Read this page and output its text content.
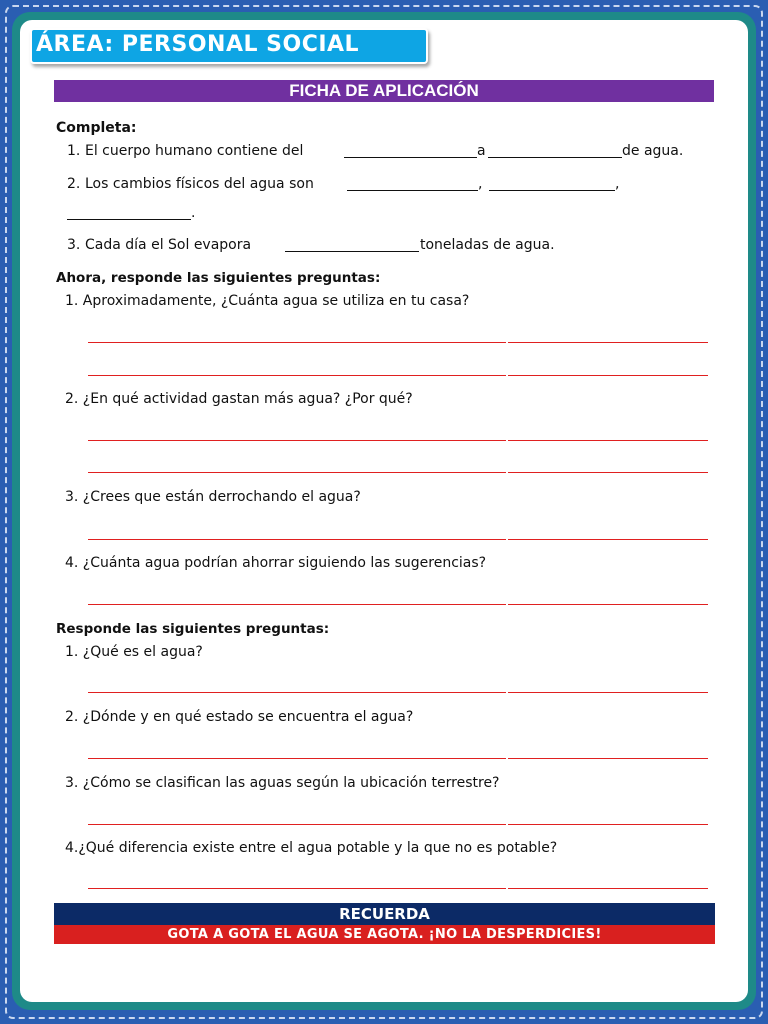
ÁREA: PERSONAL SOCIAL
FICHA DE APLICACIÓN
Completa:
1. El cuerpo humano contiene del	a	de agua.
2. Los cambios físicos del agua son	,	,
.
3. Cada día el Sol evapora	toneladas de agua.
Ahora, responde las siguientes preguntas:
1. Aproximadamente, ¿Cuánta agua se utiliza en tu casa?
2. ¿En qué actividad gastan más agua? ¿Por qué?
3. ¿Crees que están derrochando el agua?
4. ¿Cuánta agua podrían ahorrar siguiendo las sugerencias?
Responde las siguientes preguntas:
1. ¿Qué es el agua?
2. ¿Dónde y en qué estado se encuentra el agua?
3. ¿Cómo se clasifican las aguas según la ubicación terrestre?
4.¿Qué diferencia existe entre el agua potable y la que no es potable?
RECUERDA
GOTA A GOTA EL AGUA SE AGOTA. ¡NO LA DESPERDICIES!
